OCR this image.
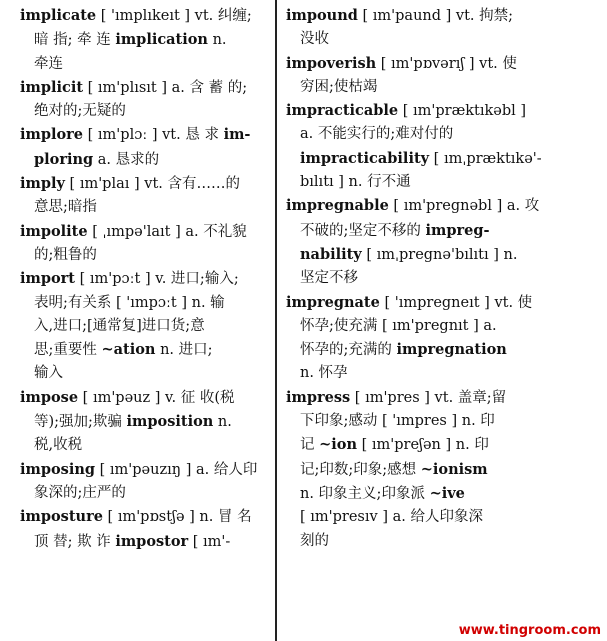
implicate [ 'ımplıkeıt ] vt. 纠缠;
暗 指; 牵 连 implication n.
牵连
implicit [ ım'plısıt ] a. 含 蓄 的;
绝对的;无疑的
implore [ ım'plɔː ] vt. 恳 求 im-
ploring a. 恳求的
imply [ ım'plaı ] vt. 含有……的
意思;暗指
impolite [ ˌımpə'laıt ] a. 不礼貌
的;粗鲁的
import [ ım'pɔːt ] v. 进口;输入;
表明;有关系 [ 'ımpɔːt ] n. 输
入,进口;[通常复]进口货;意
思;重要性 ~ation n. 进口;
输入
impose [ ım'pəuz ] v. 征 收(税
等);强加;欺骗 imposition n.
税,收税
imposing [ ım'pəuzıŋ ] a. 给人印
象深的;庄严的
imposture [ ım'pɒstʃə ] n. 冒 名
顶 替; 欺 诈 impostor [ ım'-
impound [ ım'paund ] vt. 拘禁;
没收
impoverish [ ım'pɒvərıʃ ] vt. 使
穷困;使枯竭
impracticable [ ım'præktıkəbl ]
a. 不能实行的;难对付的
impracticability [ ımˌpræktıkə'-
bılıtı ] n. 行不通
impregnable [ ım'pregnəbl ] a. 攻
不破的;坚定不移的 impreg-
nability [ ımˌpregnə'bılıtı ] n.
坚定不移
impregnate [ 'ımpregneıt ] vt. 使
怀孕;使充满 [ ım'pregnıt ] a.
怀孕的;充满的 impregnation
n. 怀孕
impress [ ım'pres ] vt. 盖章;留
下印象;感动 [ 'ımpres ] n. 印
记 ~ion [ ım'preʃən ] n. 印
记;印数;印象;感想 ~ionism
n. 印象主义;印象派 ~ive
[ ım'presıv ] a. 给人印象深
刻的
www.tingroom.com
